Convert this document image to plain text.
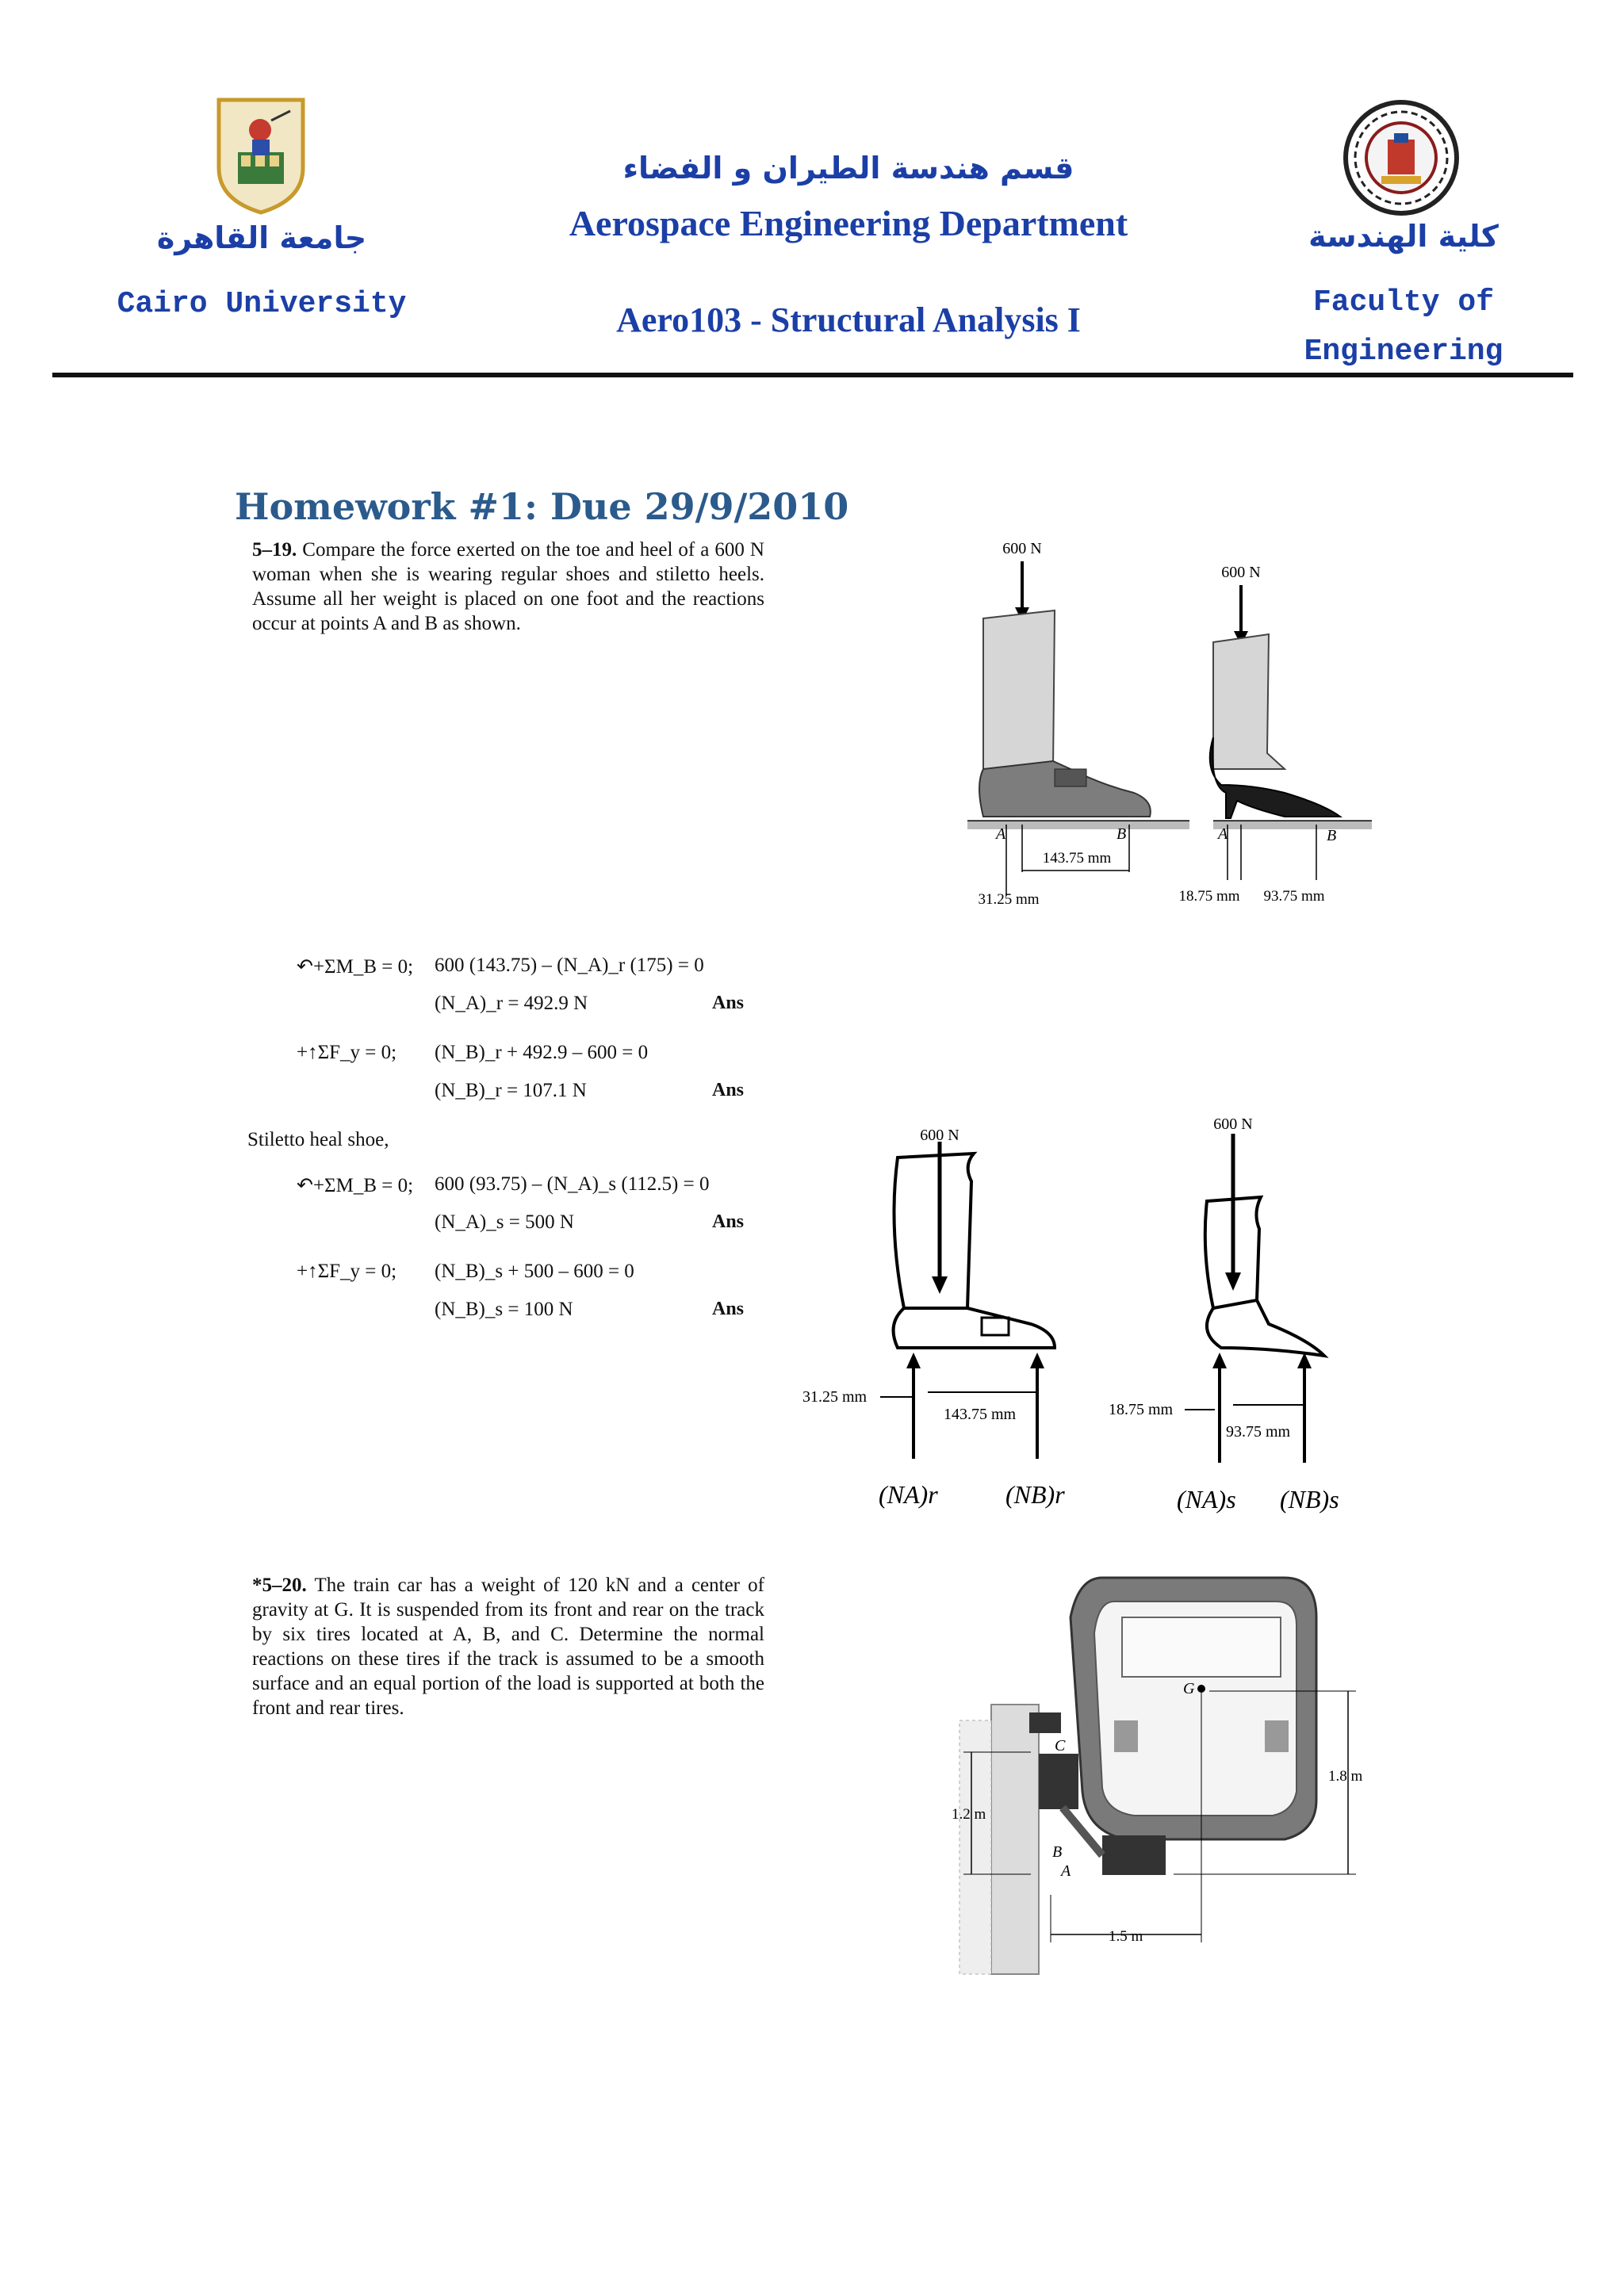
جامعة القاهرة
Cairo University
قسم هندسة الطيران و الفضاء
Aerospace Engineering Department
Aero103 - Structural Analysis I
كلية الهندسة
Faculty of
Engineering
Homework #1: Due 29/9/2010
5–19. Compare the force exerted on the toe and heel of a 600 N woman when she is wearing regular shoes and stiletto heels. Assume all her weight is placed on one foot and the reactions occur at points A and B as shown.
600 N
A	B
143.75 mm
31.25 mm
600 N
A	B
18.75 mm 93.75 mm
↶+ΣM_B = 0; 600 (143.75) – (N_A)_r (175) = 0
(N_A)_r = 492.9 N	Ans
+↑ΣF_y = 0; (N_B)_r + 492.9 – 600 = 0
(N_B)_r = 107.1 N	Ans
Stiletto heal shoe,
↶+ΣM_B = 0; 600 (93.75) – (N_A)_s (112.5) = 0
(N_A)_s = 500 N	Ans
+↑ΣF_y = 0; (N_B)_s + 500 – 600 = 0
(N_B)_s = 100 N	Ans
600 N
31.25 mm
143.75 mm
(NA)r	(NB)r
600 N
18.75 mm
93.75 mm
(NA)s (NB)s
*5–20. The train car has a weight of 120 kN and a center of gravity at G. It is suspended from its front and rear on the track by six tires located at A, B, and C. Determine the normal reactions on these tires if the track is assumed to be a smooth surface and an equal portion of the load is supported at both the front and rear tires.
G
C
B
A
1.2 m
1.8 m
1.5 m
